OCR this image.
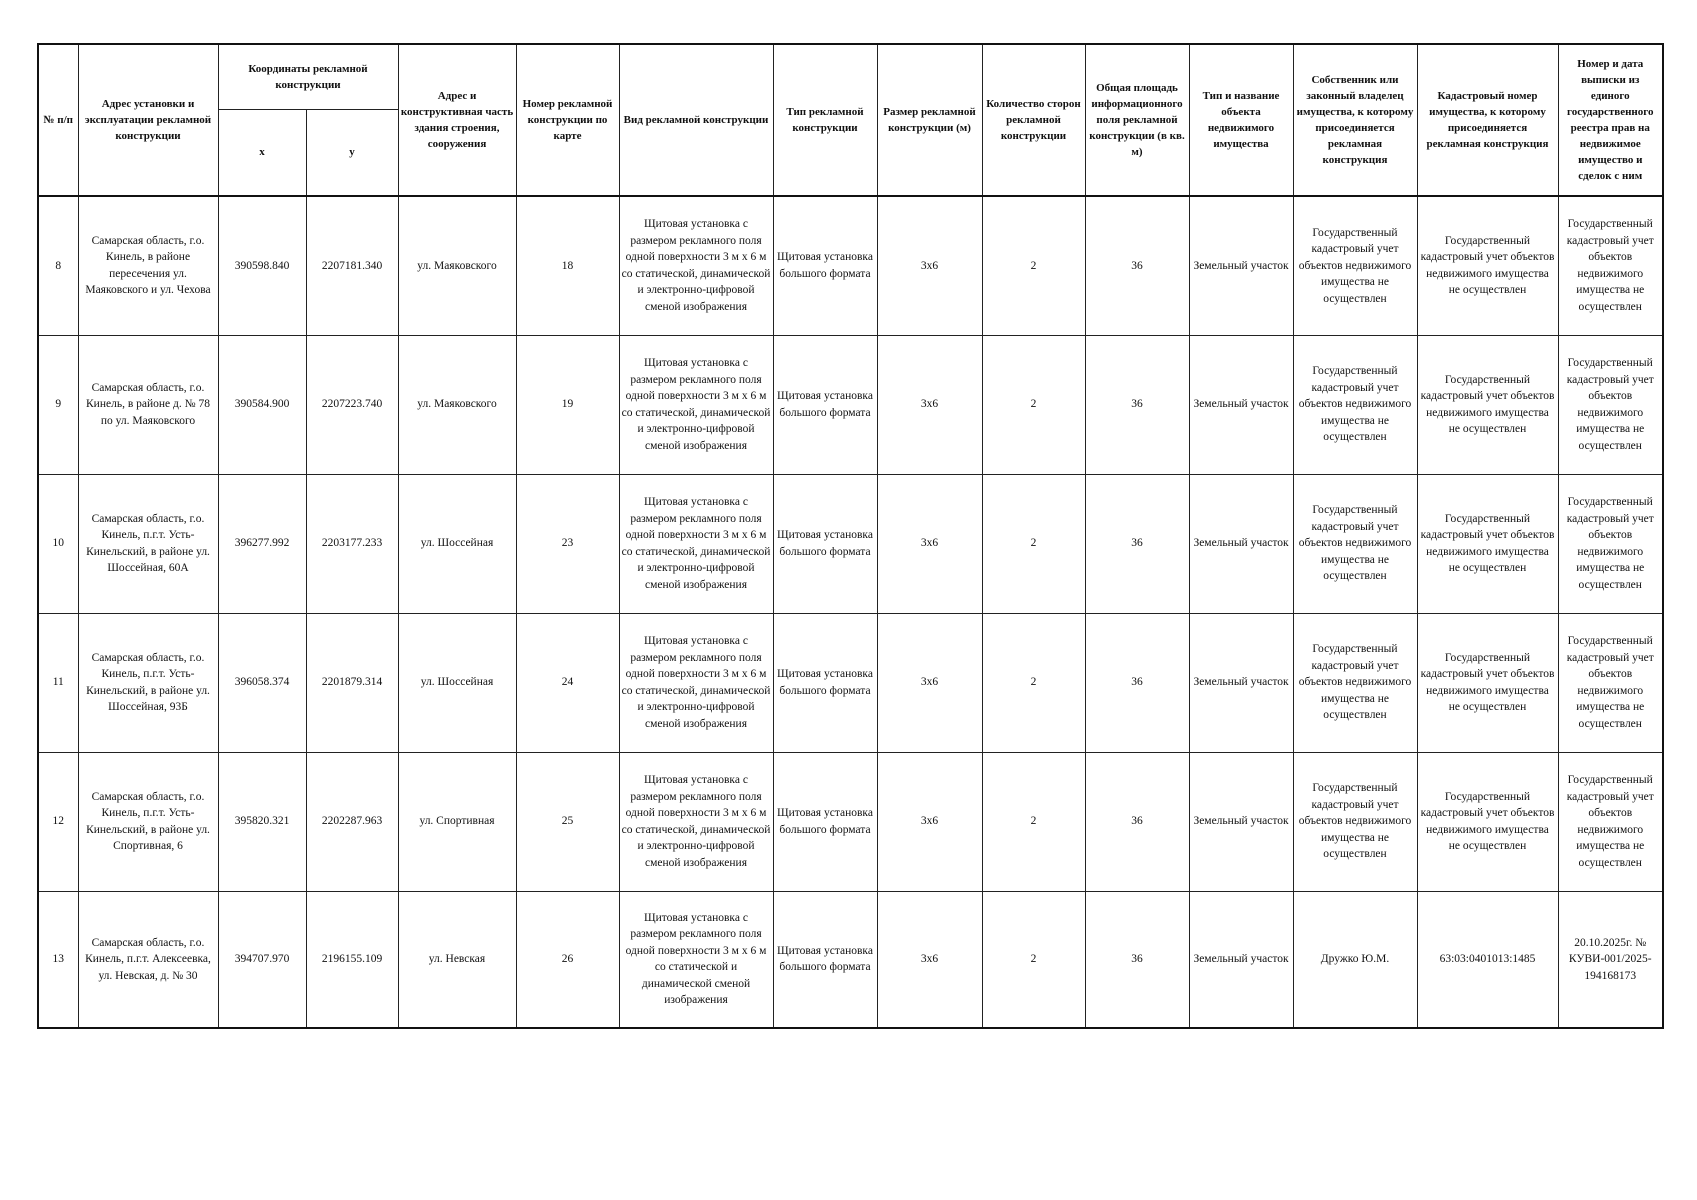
№ п/п	Адрес установки и эксплуатации рекламной конструкции	Координаты рекламной конструкции		Адрес и конструктивная часть здания строения, сооружения	Номер рекламной конструкции по карте	Вид рекламной конструкции	Тип рекламной конструкции	Размер рекламной конструкции (м)	Количество сторон рекламной конструкции	Общая площадь информационного поля рекламной конструкции (в кв. м)	Тип и название объекта недвижимого имущества	Собственник или законный владелец имущества, к которому присоединяется рекламная конструкция	Кадастровый номер имущества, к которому присоединяется рекламная конструкция	Номер и дата выписки из единого государственного реестра прав на недвижимое имущество и сделок с ним
		x	y											
8	Самарская область, г.о. Кинель, в районе пересечения ул. Маяковского и ул. Чехова	390598.840	2207181.340	ул. Маяковского	18	Щитовая установка с размером рекламного поля одной поверхности 3 м х 6 м со статической, динамической и электронно-цифровой сменой изображения	Щитовая установка большого формата	3х6	2	36	Земельный участок	Государственный кадастровый учет объектов недвижимого имущества не осуществлен	Государственный кадастровый учет объектов недвижимого имущества не осуществлен	Государственный кадастровый учет объектов недвижимого имущества не осуществлен
9	Самарская область, г.о. Кинель, в районе д. № 78 по ул. Маяковского	390584.900	2207223.740	ул. Маяковского	19	Щитовая установка с размером рекламного поля одной поверхности 3 м х 6 м со статической, динамической и электронно-цифровой сменой изображения	Щитовая установка большого формата	3х6	2	36	Земельный участок	Государственный кадастровый учет объектов недвижимого имущества не осуществлен	Государственный кадастровый учет объектов недвижимого имущества не осуществлен	Государственный кадастровый учет объектов недвижимого имущества не осуществлен
10	Самарская область, г.о. Кинель, п.г.т. Усть-Кинельский, в районе ул. Шоссейная, 60А	396277.992	2203177.233	ул. Шоссейная	23	Щитовая установка с размером рекламного поля одной поверхности 3 м х 6 м со статической, динамической и электронно-цифровой сменой изображения	Щитовая установка большого формата	3х6	2	36	Земельный участок	Государственный кадастровый учет объектов недвижимого имущества не осуществлен	Государственный кадастровый учет объектов недвижимого имущества не осуществлен	Государственный кадастровый учет объектов недвижимого имущества не осуществлен
11	Самарская область, г.о. Кинель, п.г.т. Усть-Кинельский, в районе ул. Шоссейная, 93Б	396058.374	2201879.314	ул. Шоссейная	24	Щитовая установка с размером рекламного поля одной поверхности 3 м х 6 м со статической, динамической и электронно-цифровой сменой изображения	Щитовая установка большого формата	3х6	2	36	Земельный участок	Государственный кадастровый учет объектов недвижимого имущества не осуществлен	Государственный кадастровый учет объектов недвижимого имущества не осуществлен	Государственный кадастровый учет объектов недвижимого имущества не осуществлен
12	Самарская область, г.о. Кинель, п.г.т. Усть-Кинельский, в районе ул. Спортивная, 6	395820.321	2202287.963	ул. Спортивная	25	Щитовая установка с размером рекламного поля одной поверхности 3 м х 6 м со статической, динамической и электронно-цифровой сменой изображения	Щитовая установка большого формата	3х6	2	36	Земельный участок	Государственный кадастровый учет объектов недвижимого имущества не осуществлен	Государственный кадастровый учет объектов недвижимого имущества не осуществлен	Государственный кадастровый учет объектов недвижимого имущества не осуществлен
13	Самарская область, г.о. Кинель, п.г.т. Алексеевка, ул. Невская, д. № 30	394707.970	2196155.109	ул. Невская	26	Щитовая установка с размером рекламного поля одной поверхности 3 м х 6 м со статической и динамической сменой изображения	Щитовая установка большого формата	3х6	2	36	Земельный участок	Дружко Ю.М.	63:03:0401013:1485	20.10.2025г. № КУВИ-001/2025-194168173
